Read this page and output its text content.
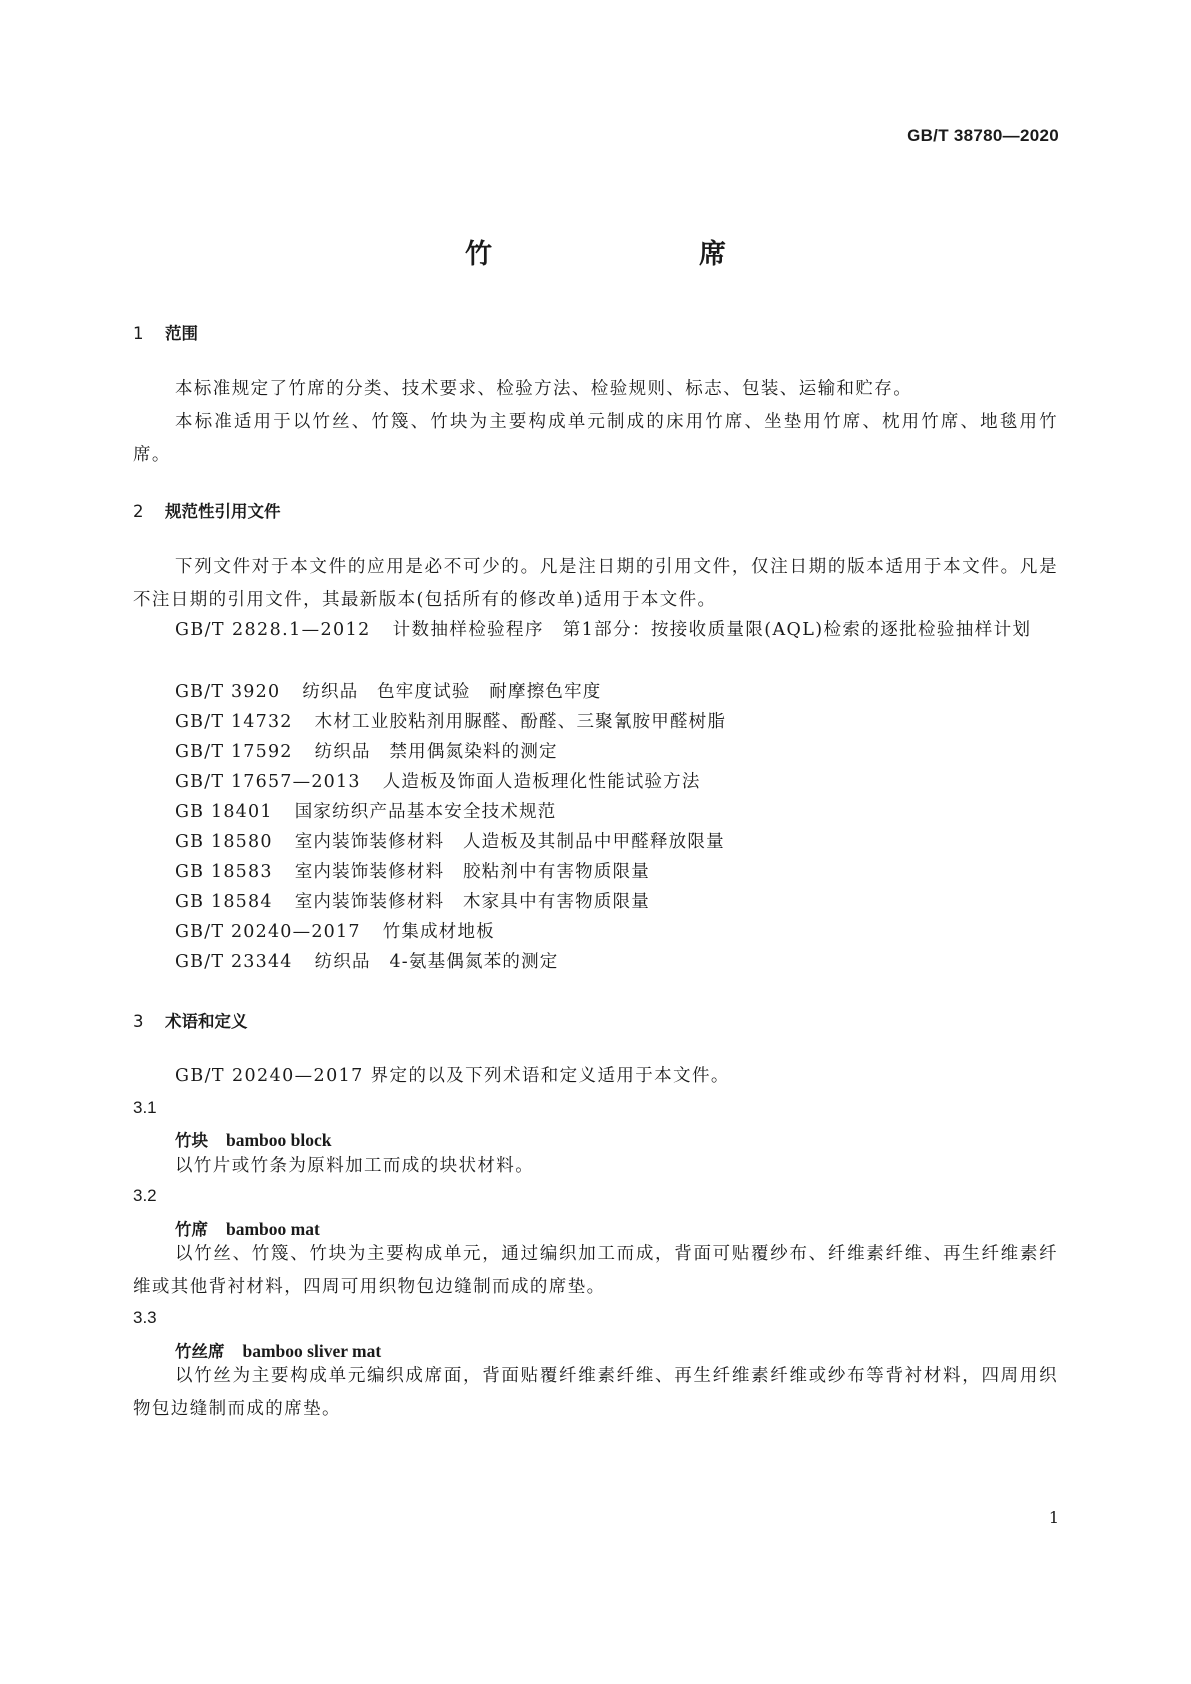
GB/T 38780—2020
竹　席
1 范围
本标准规定了竹席的分类、技术要求、检验方法、检验规则、标志、包装、运输和贮存。
本标准适用于以竹丝、竹篾、竹块为主要构成单元制成的床用竹席、坐垫用竹席、枕用竹席、地毯用竹席。
2 规范性引用文件
下列文件对于本文件的应用是必不可少的。凡是注日期的引用文件，仅注日期的版本适用于本文件。凡是不注日期的引用文件，其最新版本(包括所有的修改单)适用于本文件。
GB/T 2828.1—2012 计数抽样检验程序　第1部分：按接收质量限(AQL)检索的逐批检验抽样计划
GB/T 3920 纺织品　色牢度试验　耐摩擦色牢度
GB/T 14732 木材工业胶粘剂用脲醛、酚醛、三聚氰胺甲醛树脂
GB/T 17592 纺织品　禁用偶氮染料的测定
GB/T 17657—2013 人造板及饰面人造板理化性能试验方法
GB 18401 国家纺织产品基本安全技术规范
GB 18580 室内装饰装修材料　人造板及其制品中甲醛释放限量
GB 18583 室内装饰装修材料　胶粘剂中有害物质限量
GB 18584 室内装饰装修材料　木家具中有害物质限量
GB/T 20240—2017 竹集成材地板
GB/T 23344 纺织品　4-氨基偶氮苯的测定
3 术语和定义
GB/T 20240—2017 界定的以及下列术语和定义适用于本文件。
3.1
竹块 bamboo block
以竹片或竹条为原料加工而成的块状材料。
3.2
竹席 bamboo mat
以竹丝、竹篾、竹块为主要构成单元，通过编织加工而成，背面可贴覆纱布、纤维素纤维、再生纤维素纤维或其他背衬材料，四周可用织物包边缝制而成的席垫。
3.3
竹丝席 bamboo sliver mat
以竹丝为主要构成单元编织成席面，背面贴覆纤维素纤维、再生纤维素纤维或纱布等背衬材料，四周用织物包边缝制而成的席垫。
1
